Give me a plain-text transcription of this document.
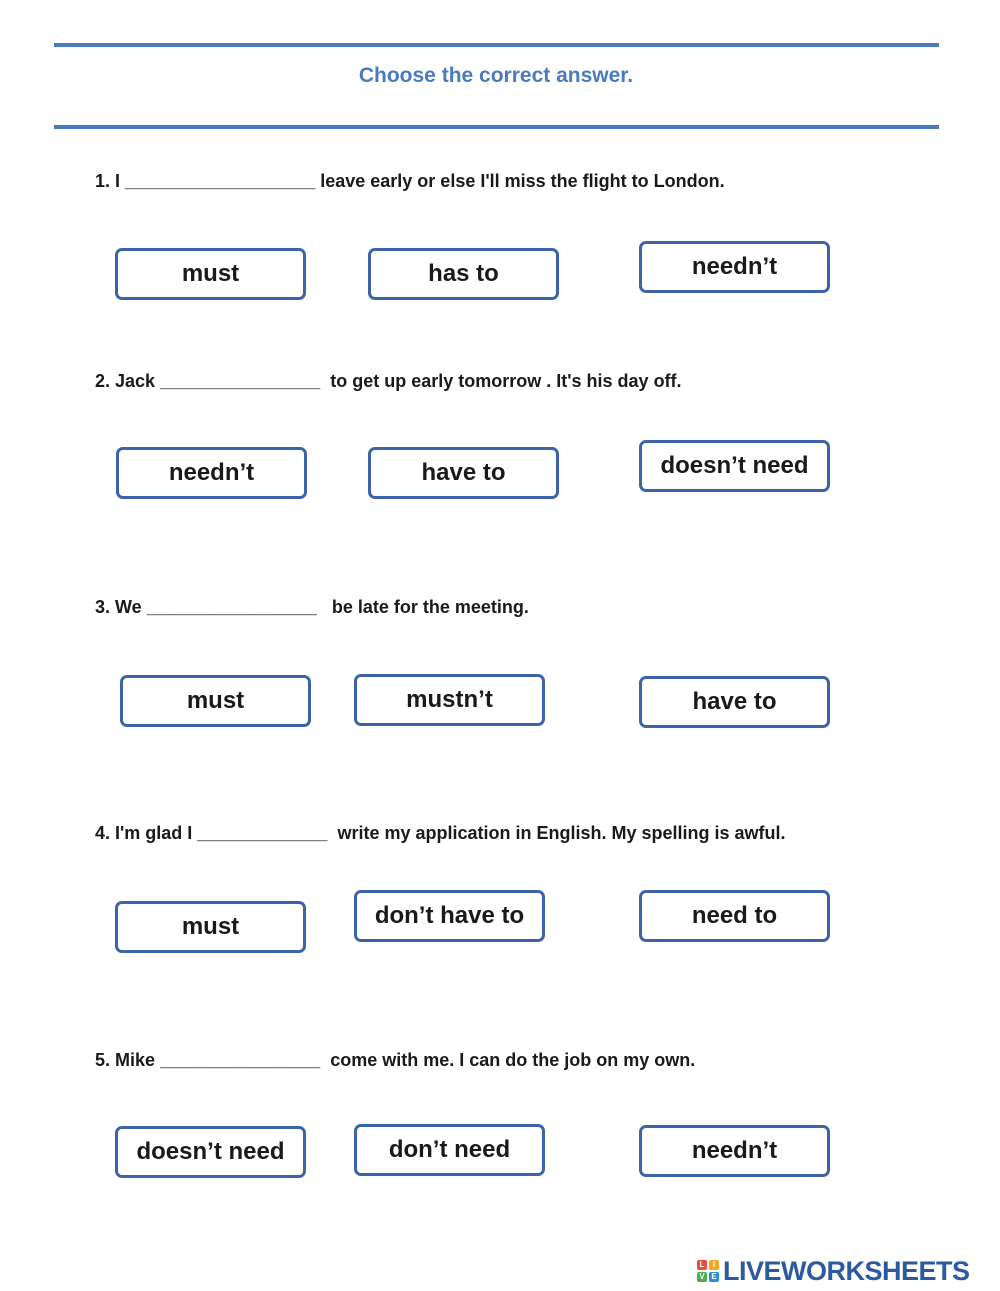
Choose the correct answer.
1. I ___________________ leave early or else I'll miss the flight to London.
must	has to	needn’t
2. Jack ________________  to get up early tomorrow . It's his day off.
needn’t	have to	doesn’t need
3. We _________________   be late for the meeting.
must	mustn’t	have to
4. I'm glad I _____________  write my application in English. My spelling is awful.
must	don’t have to	need to
5. Mike ________________  come with me. I can do the job on my own.
doesn’t need	don’t need	needn’t
L	I
V E LIVEWORKSHEETS
